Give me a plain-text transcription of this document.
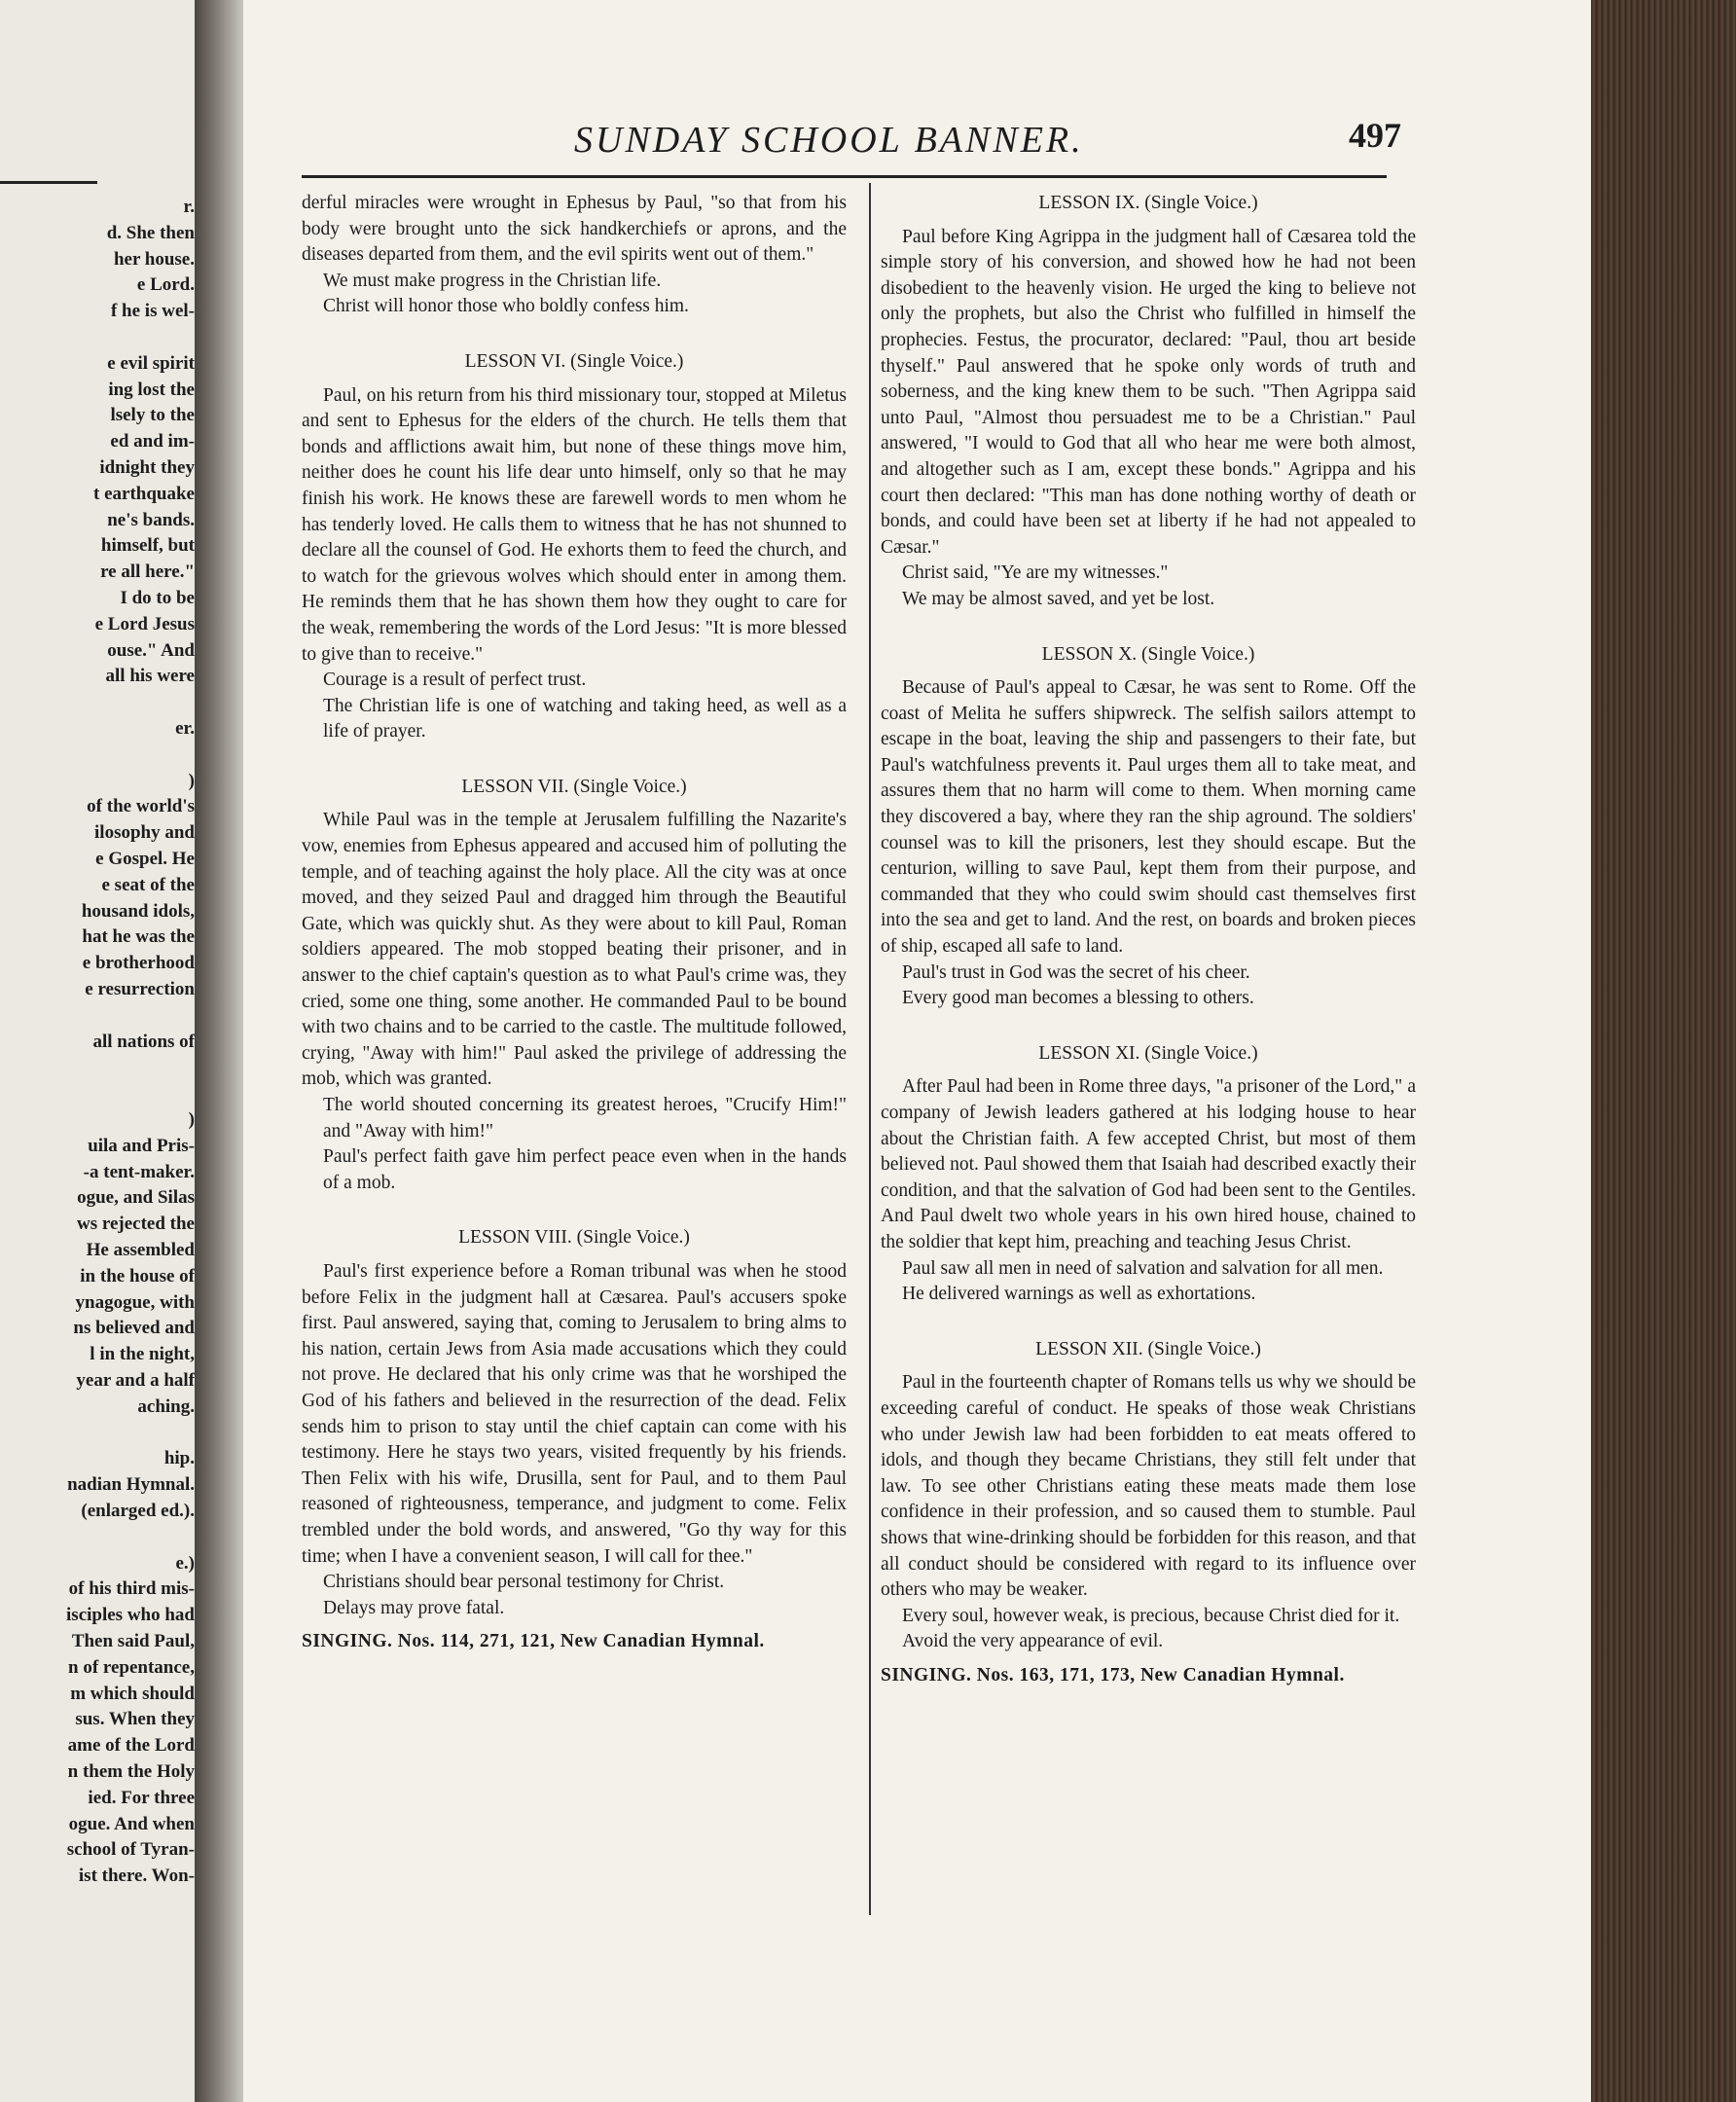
r.
d. She then
her house.
e Lord.
f he is wel-
e evil spirit
ing lost the
lsely to the
ed and im-
idnight they
t earthquake
ne's bands.
himself, but
re all here."
I do to be
e Lord Jesus
ouse." And
all his were
er.
)
of the world's
ilosophy and
e Gospel. He
e seat of the
housand idols,
hat he was the
e brotherhood
e resurrection
all nations of
)
uila and Pris-
-a tent-maker.
ogue, and Silas
ws rejected the
He assembled
in the house of
ynagogue, with
ns believed and
l in the night,
year and a half
aching.
hip.
nadian Hymnal.
(enlarged ed.).
e.)
of his third mis-
isciples who had
Then said Paul,
n of repentance,
m which should
sus. When they
ame of the Lord
n them the Holy
ied. For three
ogue. And when
school of Tyran-
ist there. Won-
SUNDAY SCHOOL BANNER.	497

derful miracles were wrought in Ephesus by Paul, "so that from his body were brought unto the sick handkerchiefs or aprons, and the diseases departed from them, and the evil spirits went out of them."

We must make progress in the Christian life.

Christ will honor those who boldly confess him.

LESSON VI. (Single Voice.)

Paul, on his return from his third missionary tour, stopped at Miletus and sent to Ephesus for the elders of the church. He tells them that bonds and afflictions await him, but none of these things move him, neither does he count his life dear unto himself, only so that he may finish his work. He knows these are farewell words to men whom he has tenderly loved. He calls them to witness that he has not shunned to declare all the counsel of God. He exhorts them to feed the church, and to watch for the grievous wolves which should enter in among them. He reminds them that he has shown them how they ought to care for the weak, remembering the words of the Lord Jesus: "It is more blessed to give than to receive."

Courage is a result of perfect trust.

The Christian life is one of watching and taking heed, as well as a life of prayer.

LESSON VII. (Single Voice.)

While Paul was in the temple at Jerusalem fulfilling the Nazarite's vow, enemies from Ephesus appeared and accused him of polluting the temple, and of teaching against the holy place. All the city was at once moved, and they seized Paul and dragged him through the Beautiful Gate, which was quickly shut. As they were about to kill Paul, Roman soldiers appeared. The mob stopped beating their prisoner, and in answer to the chief captain's question as to what Paul's crime was, they cried, some one thing, some another. He commanded Paul to be bound with two chains and to be carried to the castle. The multitude followed, crying, "Away with him!" Paul asked the privilege of addressing the mob, which was granted.

The world shouted concerning its greatest heroes, "Crucify Him!" and "Away with him!"

Paul's perfect faith gave him perfect peace even when in the hands of a mob.

LESSON VIII. (Single Voice.)

Paul's first experience before a Roman tribunal was when he stood before Felix in the judgment hall at Cæsarea. Paul's accusers spoke first. Paul answered, saying that, coming to Jerusalem to bring alms to his nation, certain Jews from Asia made accusations which they could not prove. He declared that his only crime was that he worshiped the God of his fathers and believed in the resurrection of the dead. Felix sends him to prison to stay until the chief captain can come with his testimony. Here he stays two years, visited frequently by his friends. Then Felix with his wife, Drusilla, sent for Paul, and to them Paul reasoned of righteousness, temperance, and judgment to come. Felix trembled under the bold words, and answered, "Go thy way for this time; when I have a convenient season, I will call for thee."

Christians should bear personal testimony for Christ.

Delays may prove fatal.

SINGING. Nos. 114, 271, 121, New Canadian Hymnal.

LESSON IX. (Single Voice.)

Paul before King Agrippa in the judgment hall of Cæsarea told the simple story of his conversion, and showed how he had not been disobedient to the heavenly vision. He urged the king to believe not only the prophets, but also the Christ who fulfilled in himself the prophecies. Festus, the procurator, declared: "Paul, thou art beside thyself." Paul answered that he spoke only words of truth and soberness, and the king knew them to be such. "Then Agrippa said unto Paul, "Almost thou persuadest me to be a Christian." Paul answered, "I would to God that all who hear me were both almost, and altogether such as I am, except these bonds." Agrippa and his court then declared: "This man has done nothing worthy of death or bonds, and could have been set at liberty if he had not appealed to Cæsar."

Christ said, "Ye are my witnesses."

We may be almost saved, and yet be lost.

LESSON X. (Single Voice.)

Because of Paul's appeal to Cæsar, he was sent to Rome. Off the coast of Melita he suffers shipwreck. The selfish sailors attempt to escape in the boat, leaving the ship and passengers to their fate, but Paul's watchfulness prevents it. Paul urges them all to take meat, and assures them that no harm will come to them. When morning came they discovered a bay, where they ran the ship aground. The soldiers' counsel was to kill the prisoners, lest they should escape. But the centurion, willing to save Paul, kept them from their purpose, and commanded that they who could swim should cast themselves first into the sea and get to land. And the rest, on boards and broken pieces of ship, escaped all safe to land.

Paul's trust in God was the secret of his cheer.

Every good man becomes a blessing to others.

LESSON XI. (Single Voice.)

After Paul had been in Rome three days, "a prisoner of the Lord," a company of Jewish leaders gathered at his lodging house to hear about the Christian faith. A few accepted Christ, but most of them believed not. Paul showed them that Isaiah had described exactly their condition, and that the salvation of God had been sent to the Gentiles. And Paul dwelt two whole years in his own hired house, chained to the soldier that kept him, preaching and teaching Jesus Christ.

Paul saw all men in need of salvation and salvation for all men.

He delivered warnings as well as exhortations.

LESSON XII. (Single Voice.)

Paul in the fourteenth chapter of Romans tells us why we should be exceeding careful of conduct. He speaks of those weak Christians who under Jewish law had been forbidden to eat meats offered to idols, and though they became Christians, they still felt under that law. To see other Christians eating these meats made them lose confidence in their profession, and so caused them to stumble. Paul shows that wine-drinking should be forbidden for this reason, and that all conduct should be considered with regard to its influence over others who may be weaker.

Every soul, however weak, is precious, because Christ died for it.

Avoid the very appearance of evil.

SINGING. Nos. 163, 171, 173, New Canadian Hymnal.
